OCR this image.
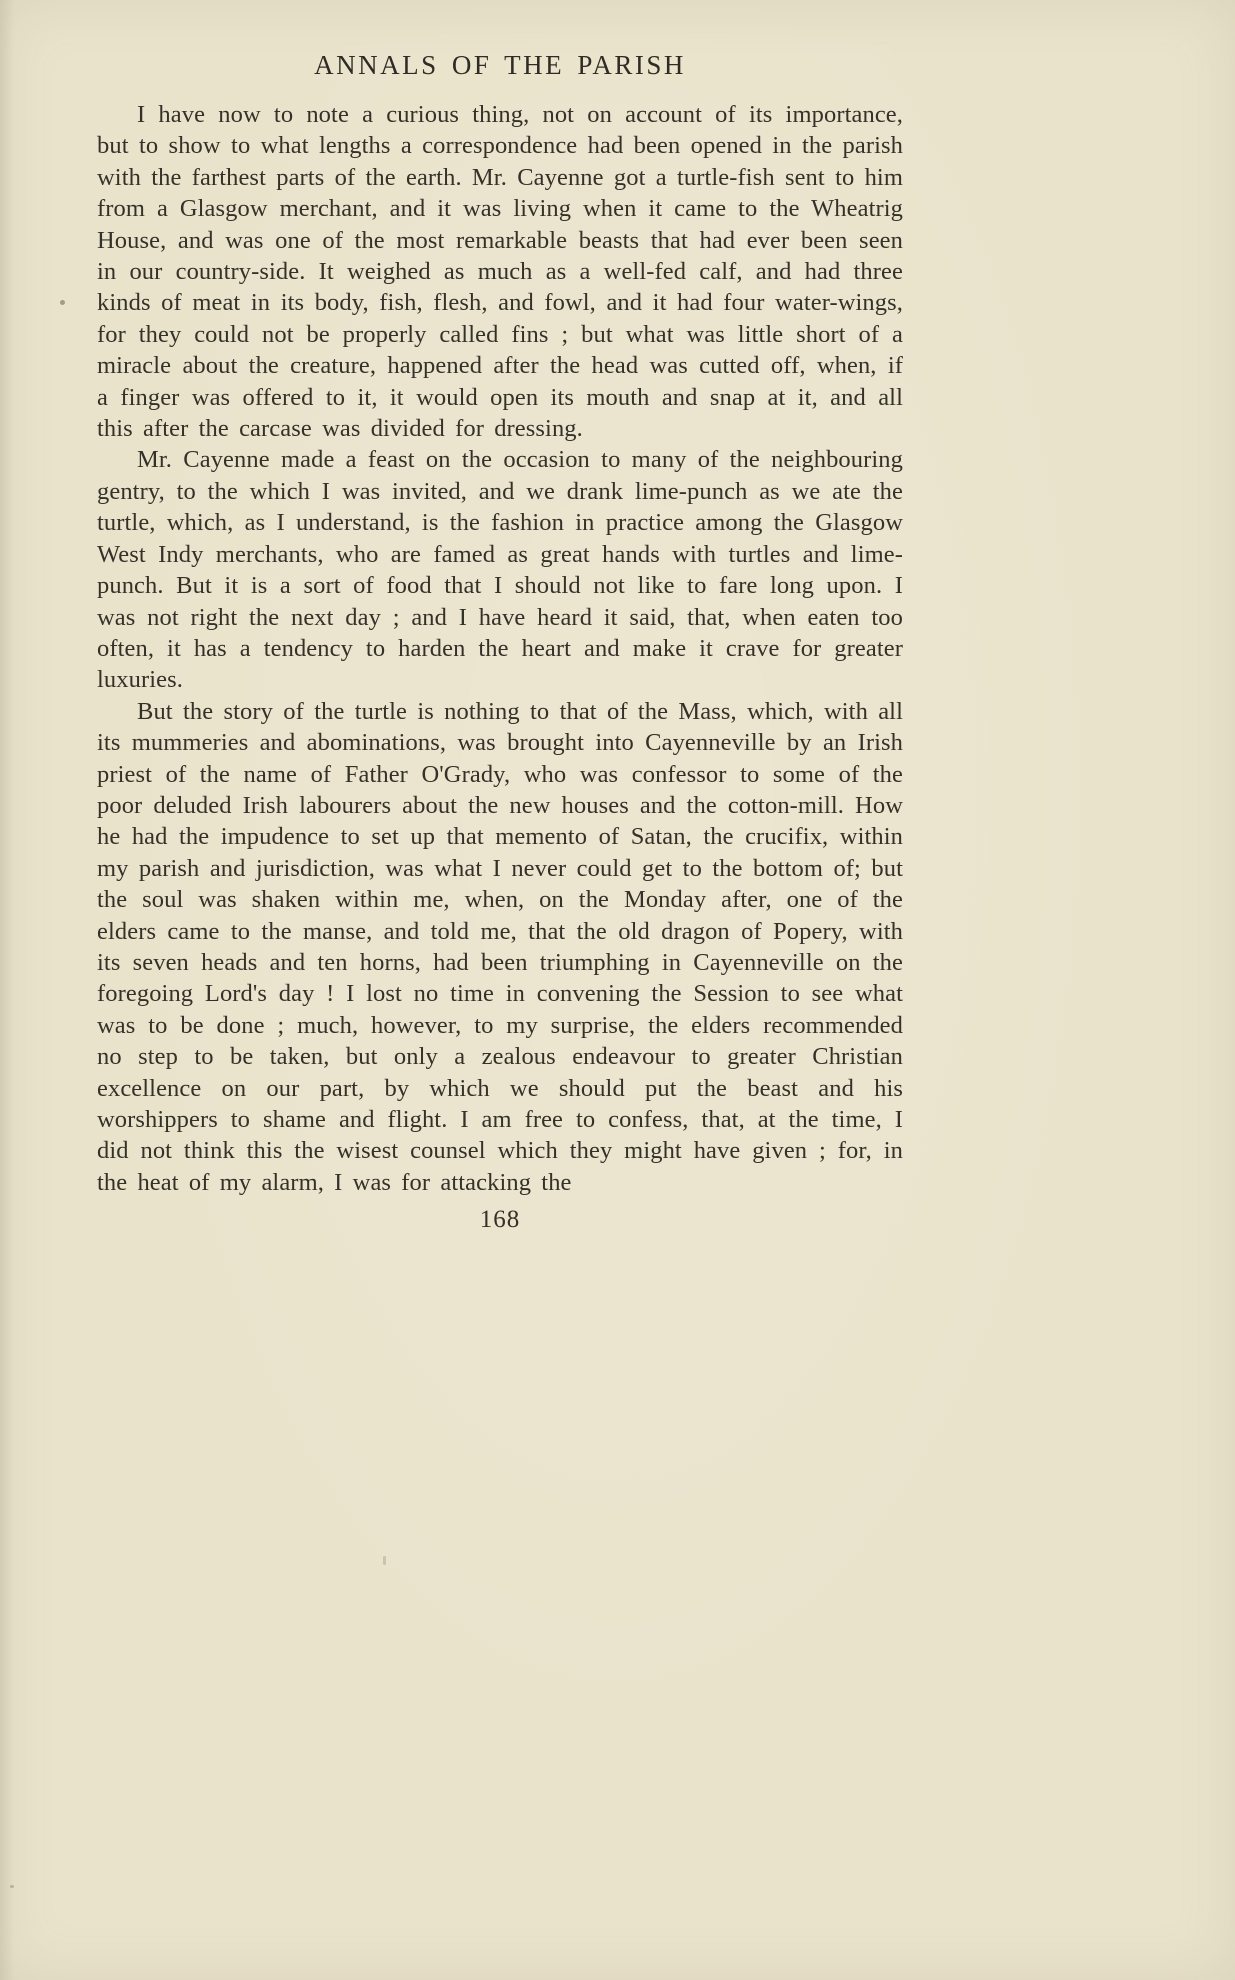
ANNALS OF THE PARISH

I have now to note a curious thing, not on account of its importance, but to show to what lengths a correspondence had been opened in the parish with the farthest parts of the earth. Mr. Cayenne got a turtle-fish sent to him from a Glasgow merchant, and it was living when it came to the Wheatrig House, and was one of the most remarkable beasts that had ever been seen in our country-side. It weighed as much as a well-fed calf, and had three kinds of meat in its body, fish, flesh, and fowl, and it had four water-wings, for they could not be properly called fins ; but what was little short of a miracle about the creature, happened after the head was cutted off, when, if a finger was offered to it, it would open its mouth and snap at it, and all this after the carcase was divided for dressing.

Mr. Cayenne made a feast on the occasion to many of the neighbouring gentry, to the which I was invited, and we drank lime-punch as we ate the turtle, which, as I understand, is the fashion in practice among the Glasgow West Indy merchants, who are famed as great hands with turtles and lime-punch. But it is a sort of food that I should not like to fare long upon. I was not right the next day ; and I have heard it said, that, when eaten too often, it has a tendency to harden the heart and make it crave for greater luxuries.

But the story of the turtle is nothing to that of the Mass, which, with all its mummeries and abominations, was brought into Cayenneville by an Irish priest of the name of Father O'Grady, who was confessor to some of the poor deluded Irish labourers about the new houses and the cotton-mill. How he had the impudence to set up that memento of Satan, the crucifix, within my parish and jurisdiction, was what I never could get to the bottom of; but the soul was shaken within me, when, on the Monday after, one of the elders came to the manse, and told me, that the old dragon of Popery, with its seven heads and ten horns, had been triumphing in Cayenneville on the foregoing Lord's day ! I lost no time in convening the Session to see what was to be done ; much, however, to my surprise, the elders recommended no step to be taken, but only a zealous endeavour to greater Christian excellence on our part, by which we should put the beast and his worshippers to shame and flight. I am free to confess, that, at the time, I did not think this the wisest counsel which they might have given ; for, in the heat of my alarm, I was for attacking the

168
